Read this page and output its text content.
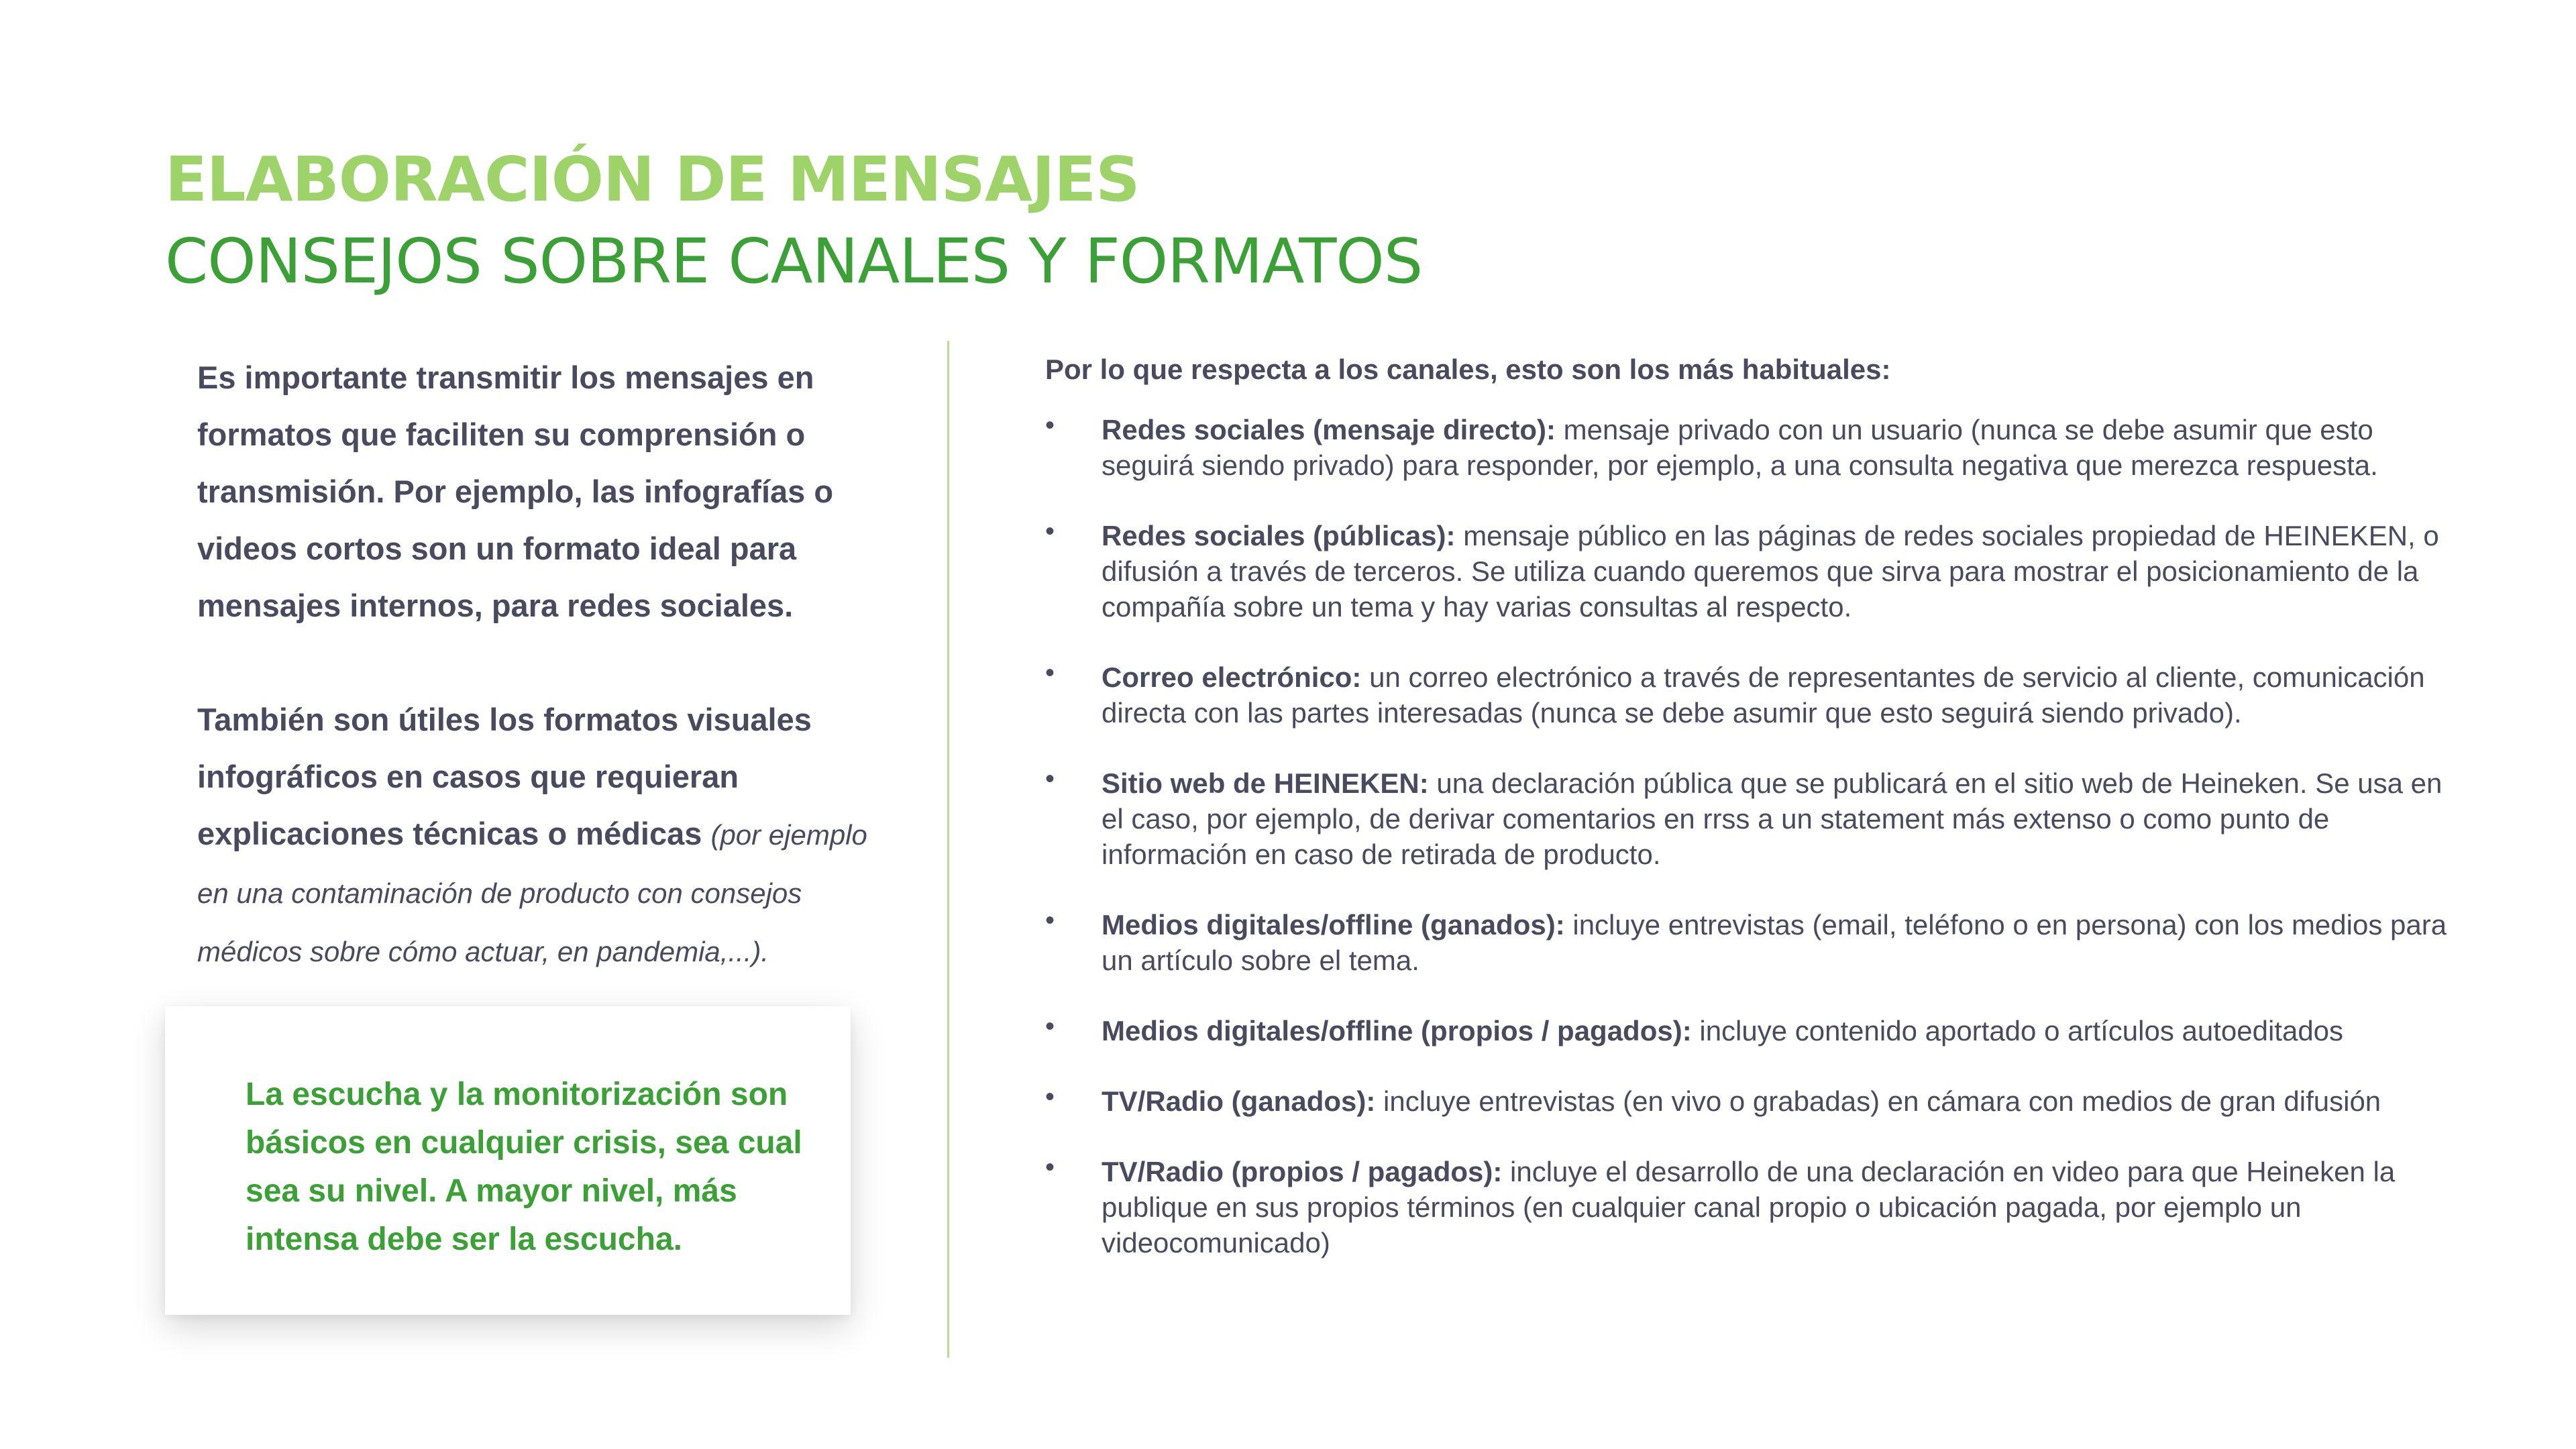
ELABORACIÓN DE MENSAJES
CONSEJOS SOBRE CANALES Y FORMATOS

Es importante transmitir los mensajes en formatos que faciliten su comprensión o transmisión. Por ejemplo, las infografías o videos cortos son un formato ideal para mensajes internos, para redes sociales.

También son útiles los formatos visuales infográficos en casos que requieran explicaciones técnicas o médicas (por ejemplo en una contaminación de producto con consejos médicos sobre cómo actuar, en pandemia,...).

La escucha y la monitorización son básicos en cualquier crisis, sea cual sea su nivel. A mayor nivel, más intensa debe ser la escucha.

Por lo que respecta a los canales, esto son los más habituales:

• Redes sociales (mensaje directo): mensaje privado con un usuario (nunca se debe asumir que esto seguirá siendo privado) para responder, por ejemplo, a una consulta negativa que merezca respuesta.
• Redes sociales (públicas): mensaje público en las páginas de redes sociales propiedad de HEINEKEN, o difusión a través de terceros. Se utiliza cuando queremos que sirva para mostrar el posicionamiento de la compañía sobre un tema y hay varias consultas al respecto.
• Correo electrónico: un correo electrónico a través de representantes de servicio al cliente, comunicación directa con las partes interesadas (nunca se debe asumir que esto seguirá siendo privado).
• Sitio web de HEINEKEN: una declaración pública que se publicará en el sitio web de Heineken. Se usa en el caso, por ejemplo, de derivar comentarios en rrss a un statement más extenso o como punto de información en caso de retirada de producto.
• Medios digitales/offline (ganados): incluye entrevistas (email, teléfono o en persona) con los medios para un artículo sobre el tema.
• Medios digitales/offline (propios / pagados): incluye contenido aportado o artículos autoeditados
• TV/Radio (ganados): incluye entrevistas (en vivo o grabadas) en cámara con medios de gran difusión
• TV/Radio (propios / pagados): incluye el desarrollo de una declaración en video para que Heineken la publique en sus propios términos (en cualquier canal propio o ubicación pagada, por ejemplo un videocomunicado)
